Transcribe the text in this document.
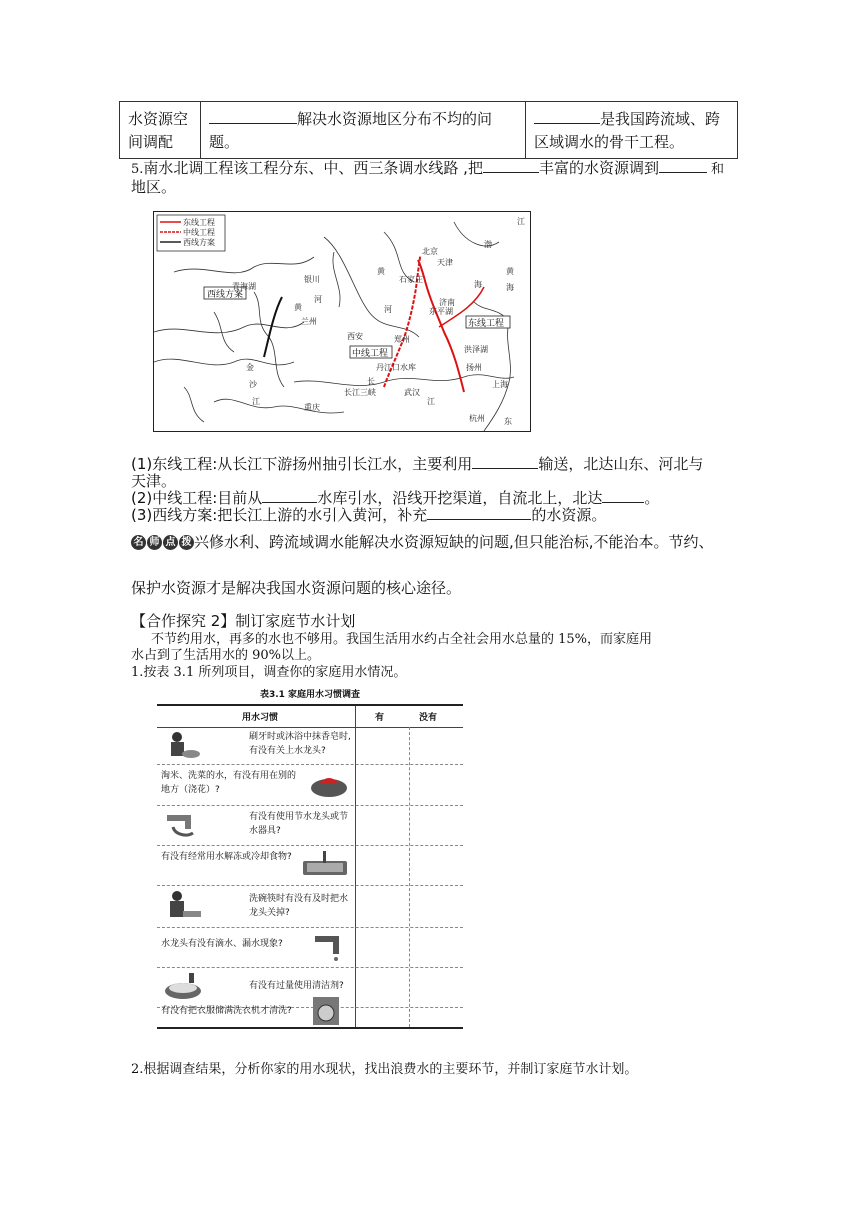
水资源空间调配	解决水资源地区分布不均的问题。	是我国跨流域、跨区域调水的骨干工程。
5.南水北调工程该工程分东、中、西三条调水线路 ,把	丰富的水资源调到	和
地区。
东线工程
中线工程
西线方案
西线方案
东线工程
中线工程
青海湖
银川
兰州
西安	郑州
北京
天津
石家庄
济南
东平湖
洪泽湖
扬州
丹江口水库
长江三峡	武汉
杭州
上海
重庆
黄
河
长
江
渤
海
黄
海
东
金
沙
江
黄	河
江
(1)东线工程:从长江下游扬州抽引长江水，主要利用	输送，北达山东、河北与
天津。
(2)中线工程:目前从	水库引水，沿线开挖渠道，自流北上，北达	。
(3)西线方案:把长江上游的水引入黄河，补充	的水资源。
名 师 点 拨 兴修水利、跨流域调水能解决水资源短缺的问题,但只能治标,不能治本。节约、
保护水资源才是解决我国水资源问题的核心途径。
【合作探究 2】制订家庭节水计划
不节约用水，再多的水也不够用。我国生活用水约占全社会用水总量的 15%，而家庭用
水占到了生活用水的 90%以上。
1.按表 3.1 所列项目，调查你的家庭用水情况。
表3.1 家庭用水习惯调查
用水习惯	有	没有
刷牙时或沐浴中抹香皂时,有没有关上水龙头?
淘米、洗菜的水，有没有用在别的地方（浇花）?
有没有使用节水龙头或节水器具?
有没有经常用水解冻或冷却食物?
洗碗筷时有没有及时把水龙头关掉?
水龙头有没有滴水、漏水现象?
有没有过量使用清洁剂?
有没有把衣服储满洗衣机才清洗?
2.根据调查结果，分析你家的用水现状，找出浪费水的主要环节，并制订家庭节水计划。
